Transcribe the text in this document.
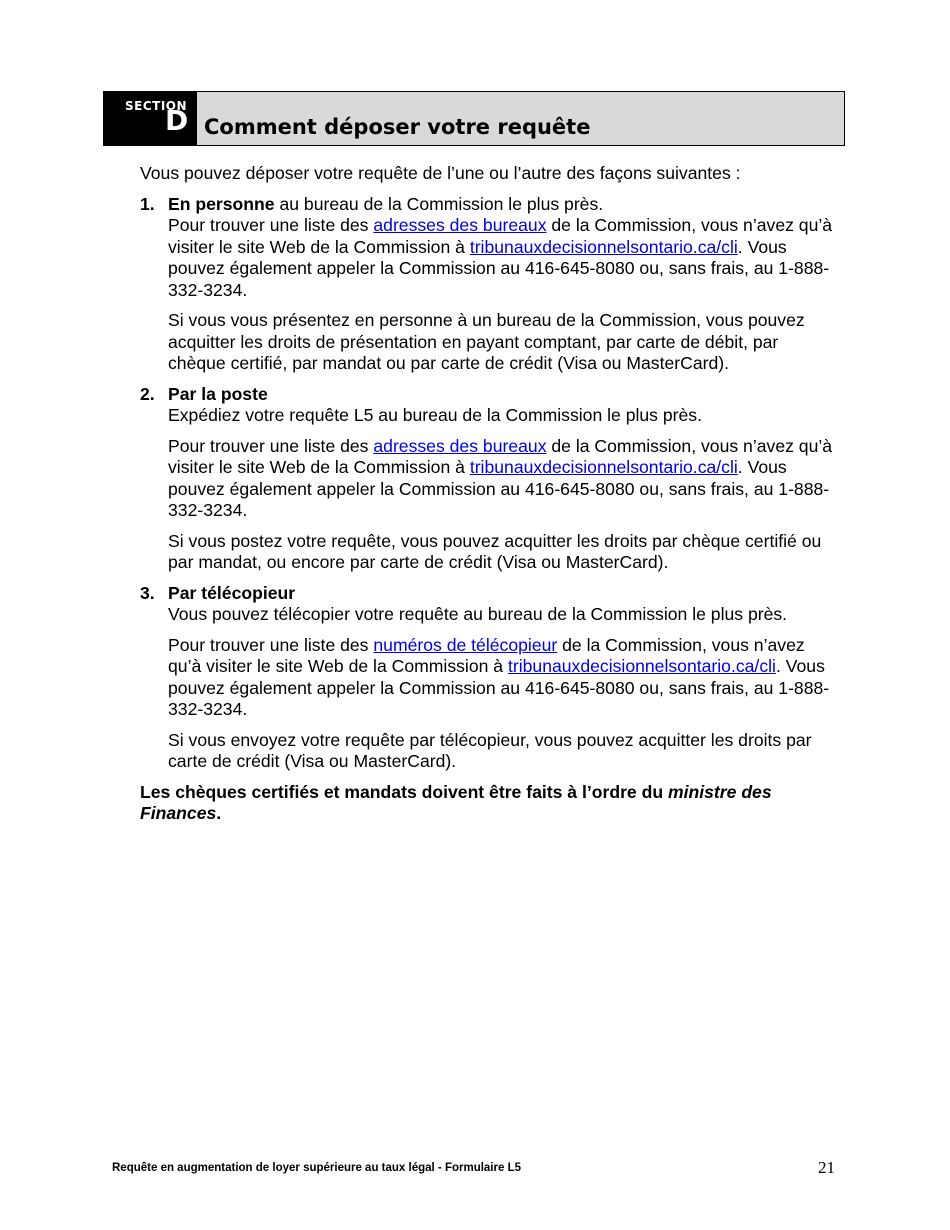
SECTION
D Comment déposer votre requête

Vous pouvez déposer votre requête de l’une ou l’autre des façons suivantes :

1. En personne au bureau de la Commission le plus près.
Pour trouver une liste des adresses des bureaux de la Commission, vous n’avez qu’à visiter le site Web de la Commission à tribunauxdecisionnelsontario.ca/cli. Vous pouvez également appeler la Commission au 416-645-8080 ou, sans frais, au 1-888-332-3234.

Si vous vous présentez en personne à un bureau de la Commission, vous pouvez acquitter les droits de présentation en payant comptant, par carte de débit, par chèque certifié, par mandat ou par carte de crédit (Visa ou MasterCard).

2. Par la poste
Expédiez votre requête L5 au bureau de la Commission le plus près.

Pour trouver une liste des adresses des bureaux de la Commission, vous n’avez qu’à visiter le site Web de la Commission à tribunauxdecisionnelsontario.ca/cli. Vous pouvez également appeler la Commission au 416-645-8080 ou, sans frais, au 1-888-332-3234.

Si vous postez votre requête, vous pouvez acquitter les droits par chèque certifié ou par mandat, ou encore par carte de crédit (Visa ou MasterCard).

3. Par télécopieur
Vous pouvez télécopier votre requête au bureau de la Commission le plus près.

Pour trouver une liste des numéros de télécopieur de la Commission, vous n’avez qu’à visiter le site Web de la Commission à tribunauxdecisionnelsontario.ca/cli. Vous pouvez également appeler la Commission au 416-645-8080 ou, sans frais, au 1-888-332-3234.

Si vous envoyez votre requête par télécopieur, vous pouvez acquitter les droits par carte de crédit (Visa ou MasterCard).

Les chèques certifiés et mandats doivent être faits à l’ordre du ministre des Finances.

Requête en augmentation de loyer supérieure au taux légal - Formulaire L5	21
